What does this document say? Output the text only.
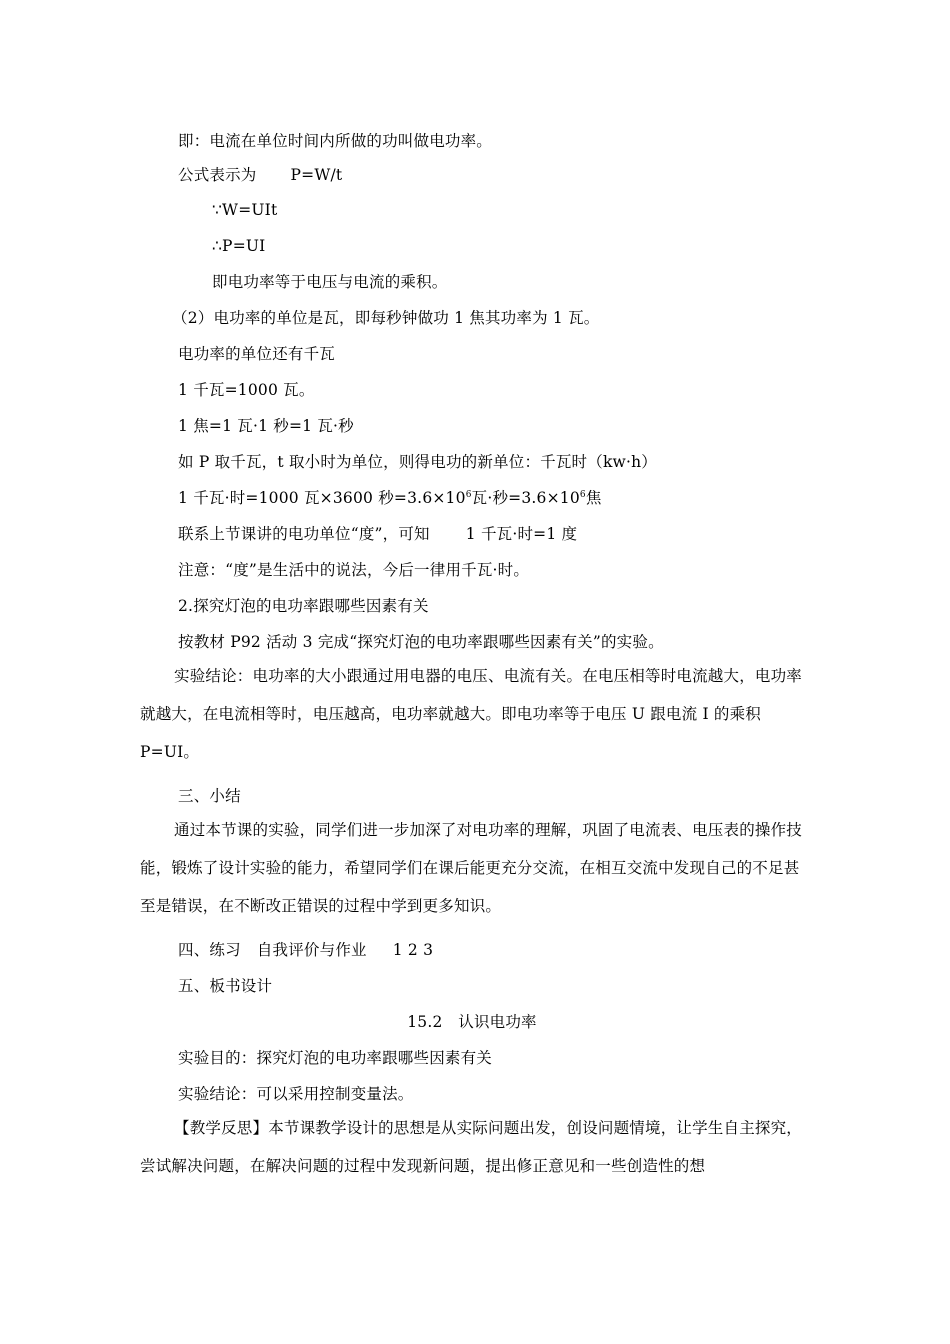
即：电流在单位时间内所做的功叫做电功率。
公式表示为 P=W/t
∵W=UIt
∴P=UI
即电功率等于电压与电流的乘积。
（2）电功率的单位是瓦，即每秒钟做功 1 焦其功率为 1 瓦。
电功率的单位还有千瓦
1 千瓦=1000 瓦。
1 焦=1 瓦·1 秒=1 瓦·秒
如 P 取千瓦，t 取小时为单位，则得电功的新单位：千瓦时（kw·h）
1 千瓦·时=1000 瓦×3600 秒$=3.6\times 10^6$瓦·秒$=3.6\times 10^6$焦
联系上节课讲的电功单位“度”，可知 1 千瓦·时=1 度
注意：“度”是生活中的说法，今后一律用千瓦·时。
2.探究灯泡的电功率跟哪些因素有关
按教材 P92 活动 3 完成“探究灯泡的电功率跟哪些因素有关”的实验。
实验结论：电功率的大小跟通过用电器的电压、电流有关。在电压相等时电流越大，电功率就越大，在电流相等时，电压越高，电功率就越大。即电功率等于电压 U 跟电流 I 的乘积 P=UI。
三、小结
通过本节课的实验，同学们进一步加深了对电功率的理解，巩固了电流表、电压表的操作技能，锻炼了设计实验的能力，希望同学们在课后能更充分交流，在相互交流中发现自己的不足甚至是错误，在不断改正错误的过程中学到更多知识。
四、练习 自我评价与作业 1 2 3
五、板书设计
15.2　认识电功率
实验目的：探究灯泡的电功率跟哪些因素有关
实验结论：可以采用控制变量法。
【教学反思】本节课教学设计的思想是从实际问题出发，创设问题情境，让学生自主探究，尝试解决问题，在解决问题的过程中发现新问题，提出修正意见和一些创造性的想
